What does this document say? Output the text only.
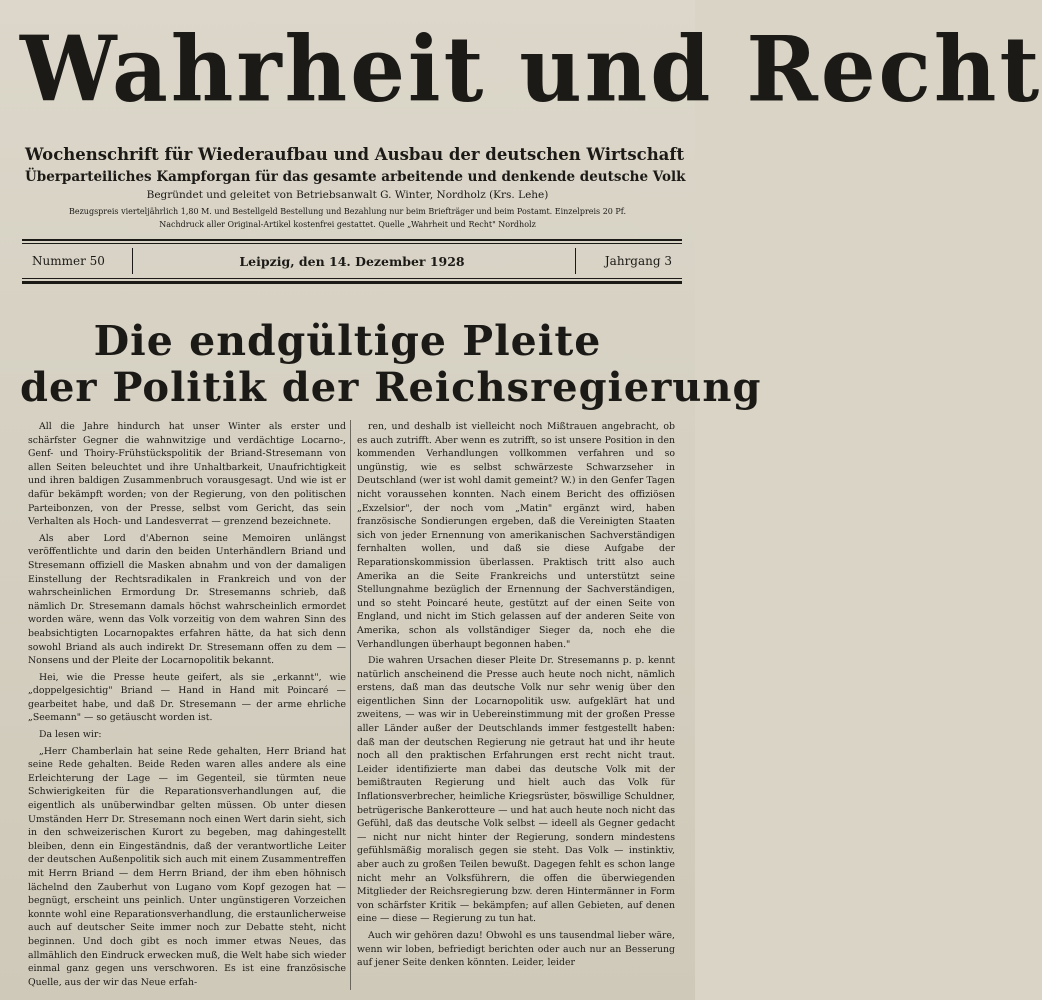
Wahrheit und Recht
Wochenschrift für Wiederaufbau und Ausbau der deutschen Wirtschaft
Überparteiliches Kampforgan für das gesamte arbeitende und denkende deutsche Volk
Begründet und geleitet von Betriebsanwalt G. Winter, Nordholz (Krs. Lehe)
Bezugspreis vierteljährlich 1,80 M. und Bestellgeld Bestellung und Bezahlung nur beim Briefträger und beim Postamt. Einzelpreis 20 Pf.
Nachdruck aller Original-Artikel kostenfrei gestattet. Quelle „Wahrheit und Recht" Nordholz
Nummer 50	Leipzig, den 14. Dezember 1928	Jahrgang 3
Die endgültige Pleite
der Politik der Reichsregierung

All die Jahre hindurch hat unser Winter als erster und schärfster Gegner die wahnwitzige und verdächtige Locarno-, Genf- und Thoiry-Frühstückspolitik der Briand-Stresemann von allen Seiten beleuchtet und ihre Unhaltbarkeit, Unaufrichtigkeit und ihren baldigen Zusammenbruch vorausgesagt. Und wie ist er dafür bekämpft worden; von der Regierung, von den politischen Parteibonzen, von der Presse, selbst vom Gericht, das sein Verhalten als Hoch- und Landesverrat — grenzend bezeichnete.

Als aber Lord d'Abernon seine Memoiren unlängst veröffentlichte und darin den beiden Unterhändlern Briand und Stresemann offiziell die Masken abnahm und von der damaligen Einstellung der Rechtsradikalen in Frankreich und von der wahrscheinlichen Ermordung Dr. Stresemanns schrieb, daß nämlich Dr. Stresemann damals höchst wahrscheinlich ermordet worden wäre, wenn das Volk vorzeitig von dem wahren Sinn des beabsichtigten Locarnopaktes erfahren hätte, da hat sich denn sowohl Briand als auch indirekt Dr. Stresemann offen zu dem — Nonsens und der Pleite der Locarnopolitik bekannt.

Hei, wie die Presse heute geifert, als sie „erkannt", wie „doppelgesichtig" Briand — Hand in Hand mit Poincaré — gearbeitet habe, und daß Dr. Stresemann — der arme ehrliche „Seemann" — so getäuscht worden ist.

Da lesen wir:

„Herr Chamberlain hat seine Rede gehalten, Herr Briand hat seine Rede gehalten. Beide Reden waren alles andere als eine Erleichterung der Lage — im Gegenteil, sie türmten neue Schwierigkeiten für die Reparationsverhandlungen auf, die eigentlich als unüberwindbar gelten müssen. Ob unter diesen Umständen Herr Dr. Stresemann noch einen Wert darin sieht, sich in den schweizerischen Kurort zu begeben, mag dahingestellt bleiben, denn ein Eingeständnis, daß der verantwortliche Leiter der deutschen Außenpolitik sich auch mit einem Zusammentreffen mit Herrn Briand — dem Herrn Briand, der ihm eben höhnisch lächelnd den Zauberhut von Lugano vom Kopf gezogen hat — begnügt, erscheint uns peinlich. Unter ungünstigeren Vorzeichen konnte wohl eine Reparationsverhandlung, die erstaunlicherweise auch auf deutscher Seite immer noch zur Debatte steht, nicht beginnen. Und doch gibt es noch immer etwas Neues, das allmählich den Eindruck erwecken muß, die Welt habe sich wieder einmal ganz gegen uns verschworen. Es ist eine französische Quelle, aus der wir das Neue erfah-

ren, und deshalb ist vielleicht noch Mißtrauen angebracht, ob es auch zutrifft. Aber wenn es zutrifft, so ist unsere Position in den kommenden Verhandlungen vollkommen verfahren und so ungünstig, wie es selbst schwärzeste Schwarzseher in Deutschland (wer ist wohl damit gemeint? W.) in den Genfer Tagen nicht voraussehen konnten. Nach einem Bericht des offiziösen „Exzelsior", der noch vom „Matin" ergänzt wird, haben französische Sondierungen ergeben, daß die Vereinigten Staaten sich von jeder Ernennung von amerikanischen Sachverständigen fernhalten wollen, und daß sie diese Aufgabe der Reparationskommission überlassen. Praktisch tritt also auch Amerika an die Seite Frankreichs und unterstützt seine Stellungnahme bezüglich der Ernennung der Sachverständigen, und so steht Poincaré heute, gestützt auf der einen Seite von England, und nicht im Stich gelassen auf der anderen Seite von Amerika, schon als vollständiger Sieger da, noch ehe die Verhandlungen überhaupt begonnen haben."

Die wahren Ursachen dieser Pleite Dr. Stresemanns p. p. kennt natürlich anscheinend die Presse auch heute noch nicht, nämlich erstens, daß man das deutsche Volk nur sehr wenig über den eigentlichen Sinn der Locarnopolitik usw. aufgeklärt hat und zweitens, — was wir in Uebereinstimmung mit der großen Presse aller Länder außer der Deutschlands immer festgestellt haben: daß man der deutschen Regierung nie getraut hat und ihr heute noch all den praktischen Erfahrungen erst recht nicht traut. Leider identifizierte man dabei das deutsche Volk mit der bemißtrauten Regierung und hielt auch das Volk für Inflationsverbrecher, heimliche Kriegsrüster, böswillige Schuldner, betrügerische Bankerotteure — und hat auch heute noch nicht das Gefühl, daß das deutsche Volk selbst — ideell als Gegner gedacht — nicht nur nicht hinter der Regierung, sondern mindestens gefühlsmäßig moralisch gegen sie steht. Das Volk — instinktiv, aber auch zu großen Teilen bewußt. Dagegen fehlt es schon lange nicht mehr an Volksführern, die offen die überwiegenden Mitglieder der Reichsregierung bzw. deren Hintermänner in Form von schärfster Kritik — bekämpfen; auf allen Gebieten, auf denen eine — diese — Regierung zu tun hat.

Auch wir gehören dazu! Obwohl es uns tausendmal lieber wäre, wenn wir loben, befriedigt berichten oder auch nur an Besserung auf jener Seite denken könnten. Leider, leider
